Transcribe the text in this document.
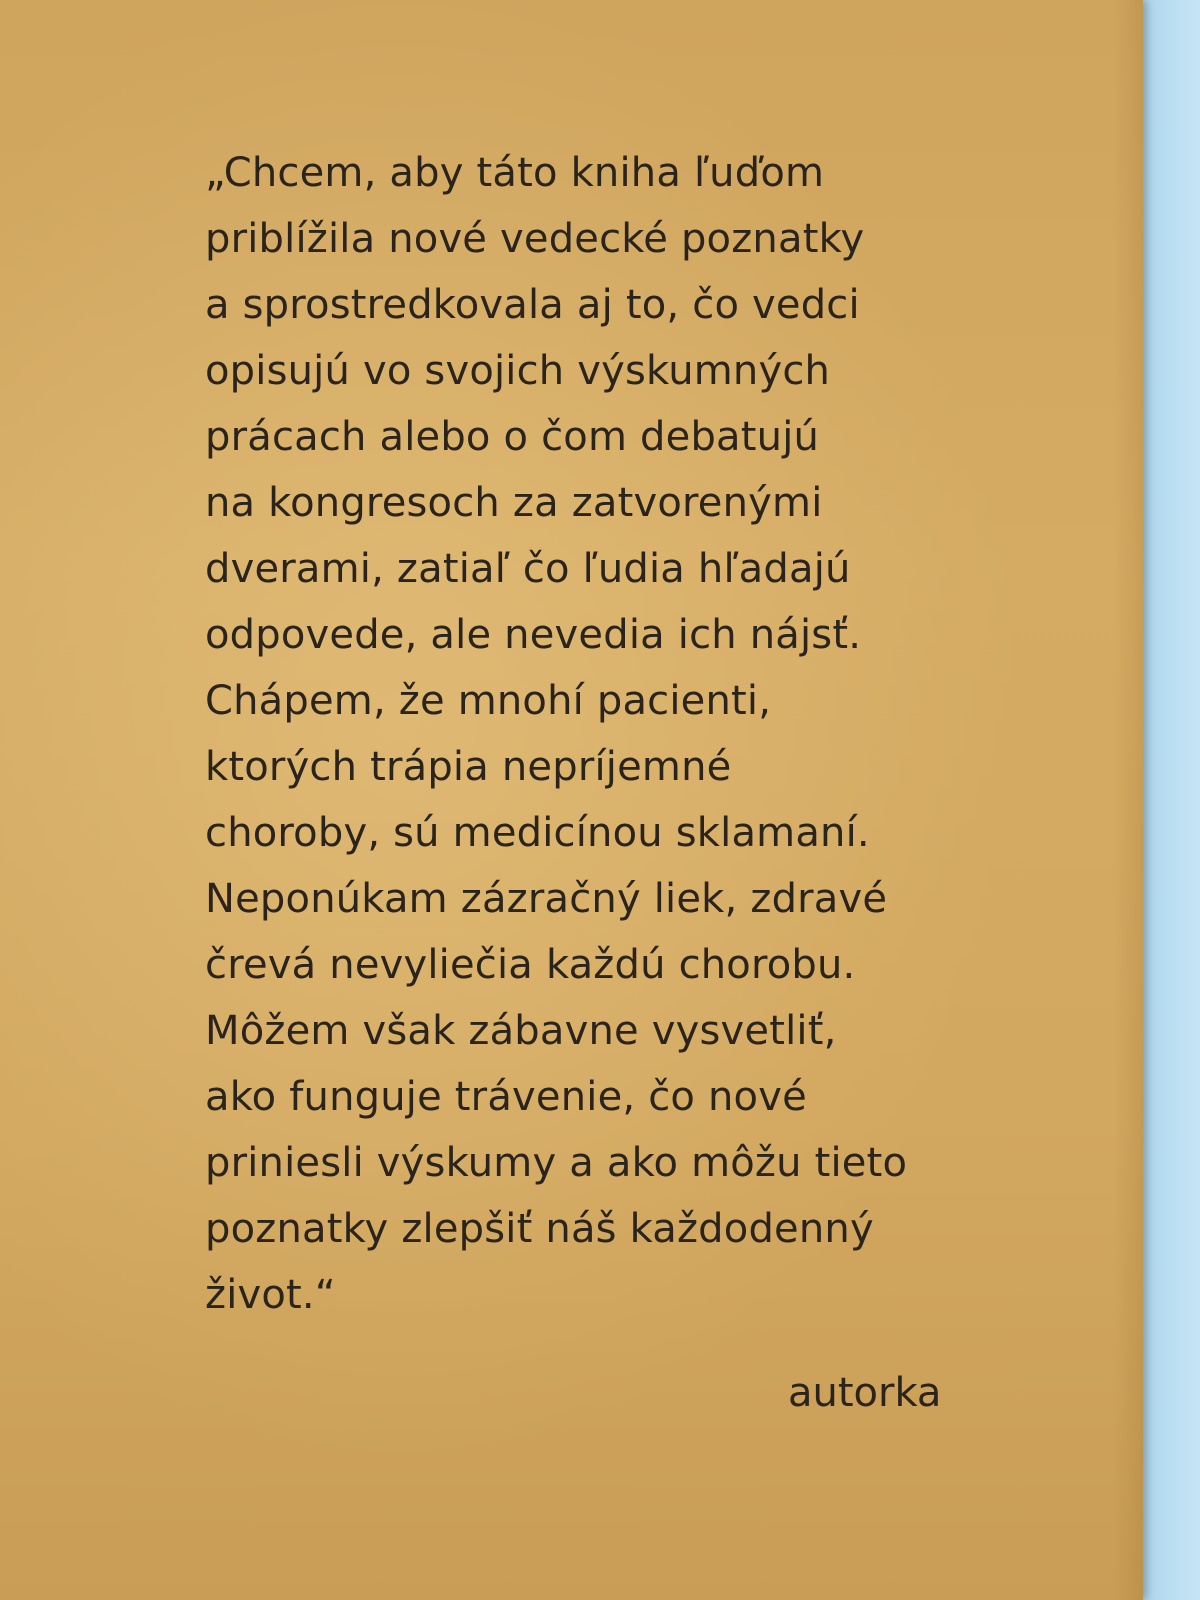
„Chcem, aby táto kniha ľuďom
priblížila nové vedecké poznatky
a sprostredkovala aj to, čo vedci
opisujú vo svojich výskumných
prácach alebo o čom debatujú
na kongresoch za zatvorenými
dverami, zatiaľ čo ľudia hľadajú
odpovede, ale nevedia ich nájsť.
Chápem, že mnohí pacienti,
ktorých trápia nepríjemné
choroby, sú medicínou sklamaní.
Neponúkam zázračný liek, zdravé
črevá nevyliečia každú chorobu.
Môžem však zábavne vysvetliť,
ako funguje trávenie, čo nové
priniesli výskumy a ako môžu tieto
poznatky zlepšiť náš každodenný
život.“
autorka
